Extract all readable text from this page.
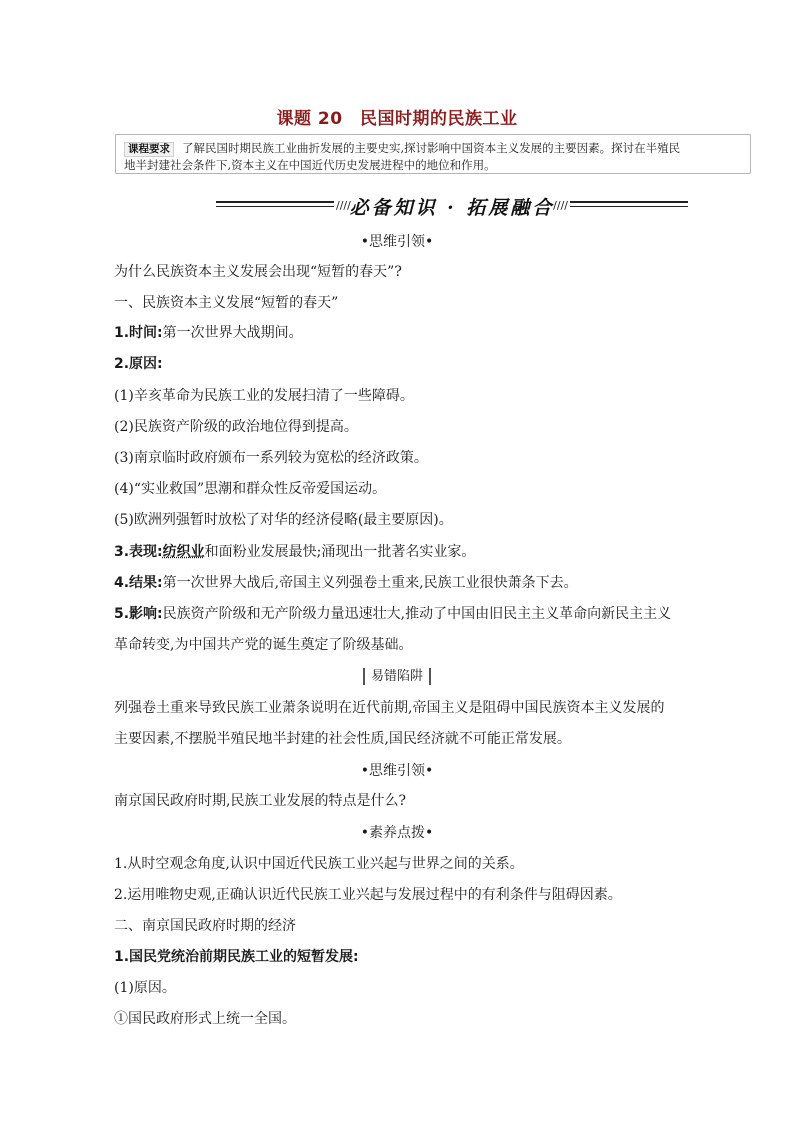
课题 20　民国时期的民族工业
课程要求 了解民国时期民族工业曲折发展的主要史实,探讨影响中国资本主义发展的主要因素。探讨在半殖民
地半封建社会条件下,资本主义在中国近代历史发展进程中的地位和作用。
////
必备知识 · 拓展融合
////
•思维引领•
为什么民族资本主义发展会出现“短暂的春天”?
一、民族资本主义发展“短暂的春天”
1.时间:第一次世界大战期间。
2.原因:
(1)辛亥革命为民族工业的发展扫清了一些障碍。
(2)民族资产阶级的政治地位得到提高。
(3)南京临时政府颁布一系列较为宽松的经济政策。
(4)“实业救国”思潮和群众性反帝爱国运动。
(5)欧洲列强暂时放松了对华的经济侵略(最主要原因)。
3.表现:纺织业和面粉业发展最快;涌现出一批著名实业家。
4.结果:第一次世界大战后,帝国主义列强卷土重来,民族工业很快萧条下去。
5.影响:民族资产阶级和无产阶级力量迅速壮大,推动了中国由旧民主主义革命向新民主主义
革命转变,为中国共产党的诞生奠定了阶级基础。
易错陷阱
列强卷土重来导致民族工业萧条说明在近代前期,帝国主义是阻碍中国民族资本主义发展的
主要因素,不摆脱半殖民地半封建的社会性质,国民经济就不可能正常发展。
•思维引领•
南京国民政府时期,民族工业发展的特点是什么?
•素养点拨•
1.从时空观念角度,认识中国近代民族工业兴起与世界之间的关系。
2.运用唯物史观,正确认识近代民族工业兴起与发展过程中的有利条件与阻碍因素。
二、南京国民政府时期的经济
1.国民党统治前期民族工业的短暂发展:
(1)原因。
①国民政府形式上统一全国。
